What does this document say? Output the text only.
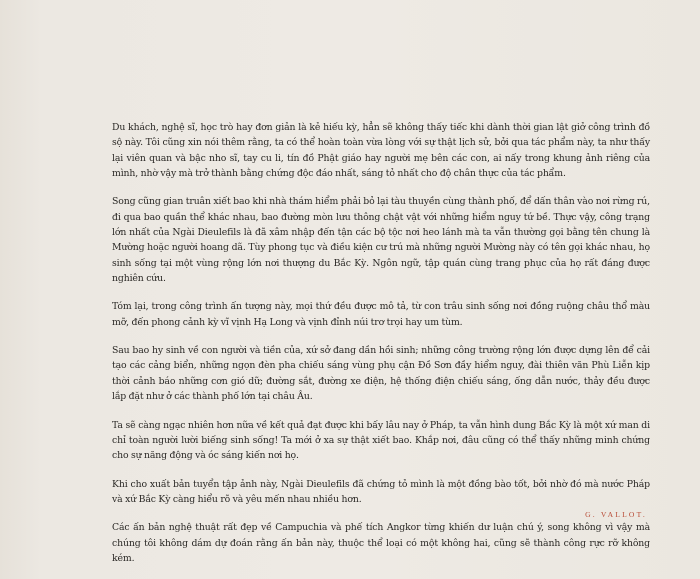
Du khách, nghệ sĩ, học trò hay đơn giản là kẻ hiếu kỳ, hẳn sẽ không thấy tiếc khi dành thời gian lật giở công trình đồ sộ này. Tôi cũng xin nói thêm rằng, ta có thể hoàn toàn vừa lòng với sự thật lịch sử, bởi qua tác phẩm này, ta như thấy lại viên quan và bậc nho sĩ, tay cu li, tín đồ Phật giáo hay người mẹ bên các con, ai nấy trong khung ảnh riêng của mình, nhờ vậy mà trở thành bằng chứng độc đáo nhất, sáng tỏ nhất cho độ chân thực của tác phẩm.

Song cũng gian truân xiết bao khi nhà thám hiểm phải bỏ lại tàu thuyền cùng thành phố, để dấn thân vào nơi rừng rú, đi qua bao quần thể khác nhau, bao đường mòn lưu thông chật vật với những hiểm nguy tứ bề. Thực vậy, công trạng lớn nhất của Ngài Dieulefils là đã xâm nhập đến tận các bộ tộc nơi heo lánh mà ta vẫn thường gọi bằng tên chung là Mường hoặc người hoang dã. Tùy phong tục và điều kiện cư trú mà những người Mường này có tên gọi khác nhau, họ sinh sống tại một vùng rộng lớn nơi thượng du Bắc Kỳ. Ngôn ngữ, tập quán cùng trang phục của họ rất đáng được nghiên cứu.

Tóm lại, trong công trình ấn tượng này, mọi thứ đều được mô tả, từ con trâu sinh sống nơi đồng ruộng châu thổ màu mỡ, đến phong cảnh kỳ vĩ vịnh Hạ Long và vịnh đỉnh núi trơ trọi hay um tùm.

Sau bao hy sinh về con người và tiền của, xứ sở đang dần hồi sinh; những công trường rộng lớn được dựng lên để cải tạo các cảng biển, những ngọn đèn pha chiếu sáng vùng phụ cận Đồ Sơn đầy hiểm nguy, đài thiên văn Phù Liễn kịp thời cảnh báo những cơn gió dữ; đường sắt, đường xe điện, hệ thống điện chiếu sáng, ống dẫn nước, thảy đều được lắp đặt như ở các thành phố lớn tại châu Âu.

Ta sẽ càng ngạc nhiên hơn nữa về kết quả đạt được khi bấy lâu nay ở Pháp, ta vẫn hình dung Bắc Kỳ là một xứ man di chỉ toàn người lười biếng sinh sống! Ta mới ở xa sự thật xiết bao. Khắp nơi, đâu cũng có thể thấy những minh chứng cho sự năng động và óc sáng kiến nơi họ.

Khi cho xuất bản tuyển tập ảnh này, Ngài Dieulefils đã chứng tỏ mình là một đồng bào tốt, bởi nhờ đó mà nước Pháp và xứ Bắc Kỳ càng hiểu rõ và yêu mến nhau nhiều hơn.

Các ấn bản nghệ thuật rất đẹp về Campuchia và phế tích Angkor từng khiến dư luận chú ý, song không vì vậy mà chúng tôi không dám dự đoán rằng ấn bản này, thuộc thể loại có một không hai, cũng sẽ thành công rực rỡ không kém.

G. VALLOT.
